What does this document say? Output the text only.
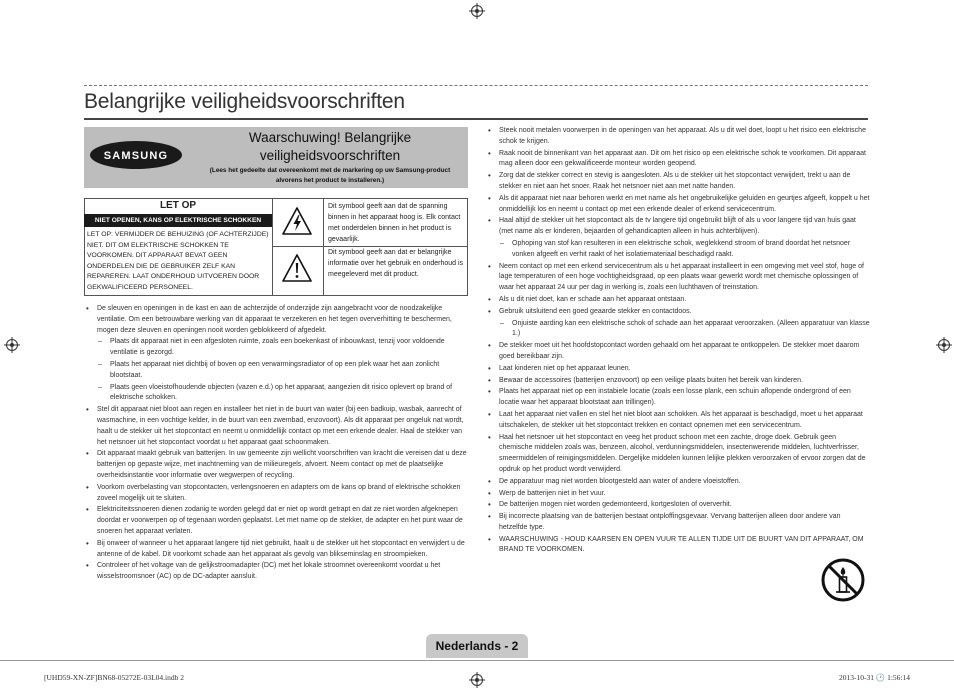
Belangrijke veiligheidsvoorschriften
SAMSUNG
Waarschuwing! Belangrijke veiligheidsvoorschriften
(Lees het gedeelte dat overeenkomt met de markering op uw Samsung-product alvorens het product te installeren.)
LET OP
NIET OPENEN, KANS OP ELEKTRISCHE SCHOKKEN
LET OP: VERMIJDER DE BEHUIZING (OF ACHTERZIJDE) NIET. DIT OM ELEKTRISCHE SCHOKKEN TE VOORKOMEN. DIT APPARAAT BEVAT GEEN ONDERDELEN DIE DE GEBRUIKER ZELF KAN REPAREREN. LAAT ONDERHOUD UITVOEREN DOOR GEKWALIFICEERD PERSONEEL.
Dit symbool geeft aan dat de spanning binnen in het apparaat hoog is. Elk contact met onderdelen binnen in het product is gevaarlijk.
Dit symbool geeft aan dat er belangrijke informatie over het gebruik en onderhoud is meegeleverd met dit product.
• De sleuven en openingen in de kast en aan de achterzijde of onderzijde zijn aangebracht voor de noodzakelijke ventilatie. Om een betrouwbare werking van dit apparaat te verzekeren en het tegen oververhitting te beschermen, mogen deze sleuven en openingen nooit worden geblokkeerd of afgedekt.
– Plaats dit apparaat niet in een afgesloten ruimte, zoals een boekenkast of inbouwkast, tenzij voor voldoende ventilatie is gezorgd.
– Plaats het apparaat niet dichtbij of boven op een verwarmingsradiator of op een plek waar het aan zonlicht blootstaat.
– Plaats geen vloeistofhoudende objecten (vazen e.d.) op het apparaat, aangezien dit risico oplevert op brand of elektrische schokken.
• Stel dit apparaat niet bloot aan regen en installeer het niet in de buurt van water (bij een badkuip, wasbak, aanrecht of wasmachine, in een vochtige kelder, in de buurt van een zwembad, enzovoort). Als dit apparaat per ongeluk nat wordt, haalt u de stekker uit het stopcontact en neemt u onmiddellijk contact op met een erkende dealer. Haal de stekker van het netsnoer uit het stopcontact voordat u het apparaat gaat schoonmaken.
• Dit apparaat maakt gebruik van batterijen. In uw gemeente zijn wellicht voorschriften van kracht die vereisen dat u deze batterijen op gepaste wijze, met inachtneming van de milieuregels, afvoert. Neem contact op met de plaatselijke overheidsinstantie voor informatie over wegwerpen of recycling.
• Voorkom overbelasting van stopcontacten, verlengsnoeren en adapters om de kans op brand of elektrische schokken zoveel mogelijk uit te sluiten.
• Elektriciteitssnoeren dienen zodanig te worden gelegd dat er niet op wordt getrapt en dat ze niet worden afgeknepen doordat er voorwerpen op of tegenaan worden geplaatst. Let met name op de stekker, de adapter en het punt waar de snoeren het apparaat verlaten.
• Bij onweer of wanneer u het apparaat langere tijd niet gebruikt, haalt u de stekker uit het stopcontact en verwijdert u de antenne of de kabel. Dit voorkomt schade aan het apparaat als gevolg van blikseminslag en stroompieken.
• Controleer of het voltage van de gelijkstroomadapter (DC) met het lokale stroomnet overeenkomt voordat u het wisselstroomsnoer (AC) op de DC-adapter aansluit.
• Steek nooit metalen voorwerpen in de openingen van het apparaat. Als u dit wel doet, loopt u het risico een elektrische schok te krijgen.
• Raak nooit de binnenkant van het apparaat aan. Dit om het risico op een elektrische schok te voorkomen. Dit apparaat mag alleen door een gekwalificeerde monteur worden geopend.
• Zorg dat de stekker correct en stevig is aangesloten. Als u de stekker uit het stopcontact verwijdert, trekt u aan de stekker en niet aan het snoer. Raak het netsnoer niet aan met natte handen.
• Als dit apparaat niet naar behoren werkt en met name als het ongebruikelijke geluiden en geurtjes afgeeft, koppelt u het onmiddellijk los en neemt u contact op met een erkende dealer of erkend servicecentrum.
• Haal altijd de stekker uit het stopcontact als de tv langere tijd ongebruikt blijft of als u voor langere tijd van huis gaat (met name als er kinderen, bejaarden of gehandicapten alleen in huis achterblijven).
– Ophoping van stof kan resulteren in een elektrische schok, weglekkend stroom of brand doordat het netsnoer vonken afgeeft en verhit raakt of het isolatiemateriaal beschadigd raakt.
• Neem contact op met een erkend servicecentrum als u het apparaat installeert in een omgeving met veel stof, hoge of lage temperaturen of een hoge vochtigheidsgraad, op een plaats waar gewerkt wordt met chemische oplossingen of waar het apparaat 24 uur per dag in werking is, zoals een luchthaven of treinstation.
• Als u dit niet doet, kan er schade aan het apparaat ontstaan.
• Gebruik uitsluitend een goed geaarde stekker en contactdoos.
– Onjuiste aarding kan een elektrische schok of schade aan het apparaat veroorzaken. (Alleen apparatuur van klasse 1.)
• De stekker moet uit het hoofdstopcontact worden gehaald om het apparaat te ontkoppelen. De stekker moet daarom goed bereikbaar zijn.
• Laat kinderen niet op het apparaat leunen.
• Bewaar de accessoires (batterijen enzovoort) op een veilige plaats buiten het bereik van kinderen.
• Plaats het apparaat niet op een instabiele locatie (zoals een losse plank, een schuin aflopende ondergrond of een locatie waar het apparaat blootstaat aan trillingen).
• Laat het apparaat niet vallen en stel het niet bloot aan schokken. Als het apparaat is beschadigd, moet u het apparaat uitschakelen, de stekker uit het stopcontact trekken en contact opnemen met een servicecentrum.
• Haal het netsnoer uit het stopcontact en veeg het product schoon met een zachte, droge doek. Gebruik geen chemische middelen zoals was, benzeen, alcohol, verdunningsmiddelen, insectenwerende middelen, luchtverfrisser, smeermiddelen of reinigingsmiddelen. Dergelijke middelen kunnen lelijke plekken veroorzaken of ervoor zorgen dat de opdruk op het product wordt verwijderd.
• De apparatuur mag niet worden blootgesteld aan water of andere vloeistoffen.
• Werp de batterijen niet in het vuur.
• De batterijen mogen niet worden gedemonteerd, kortgesloten of oververhit.
• Bij incorrecte plaatsing van de batterijen bestaat ontploffingsgevaar. Vervang batterijen alleen door andere van hetzelfde type.
• WAARSCHUWING - HOUD KAARSEN EN OPEN VUUR TE ALLEN TIJDE UIT DE BUURT VAN DIT APPARAAT, OM BRAND TE VOORKOMEN.
Nederlands - 2
[UHD59-XN-ZF]BN68-05272E-03L04.indb 2	2013-10-31 🕑 1:56:14
